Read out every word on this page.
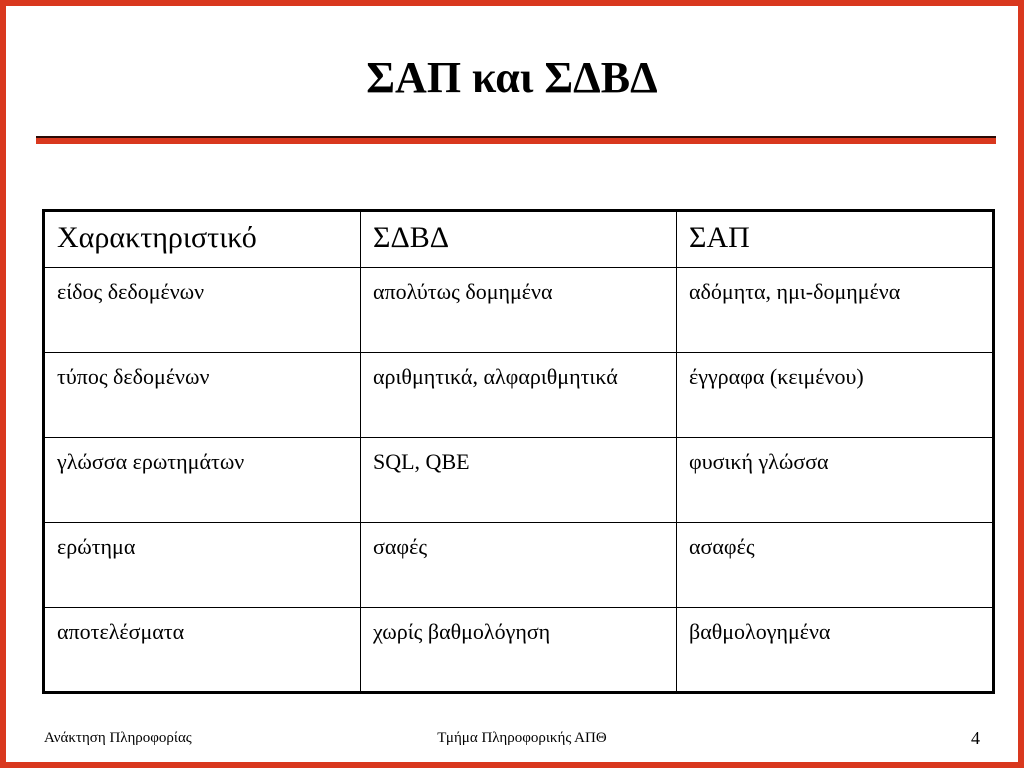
ΣΑΠ και ΣΔΒΔ
Χαρακτηριστικό	ΣΔΒΔ	ΣΑΠ
είδος δεδομένων	απολύτως δομημένα	αδόμητα, ημι-δομημένα
τύπος δεδομένων	αριθμητικά, αλφαριθμητικά	έγγραφα (κειμένου)
γλώσσα ερωτημάτων	SQL, QBE	φυσική γλώσσα
ερώτημα	σαφές	ασαφές
αποτελέσματα	χωρίς βαθμολόγηση	βαθμολογημένα
Ανάκτηση Πληροφορίας	Τμήμα Πληροφορικής ΑΠΘ	4
